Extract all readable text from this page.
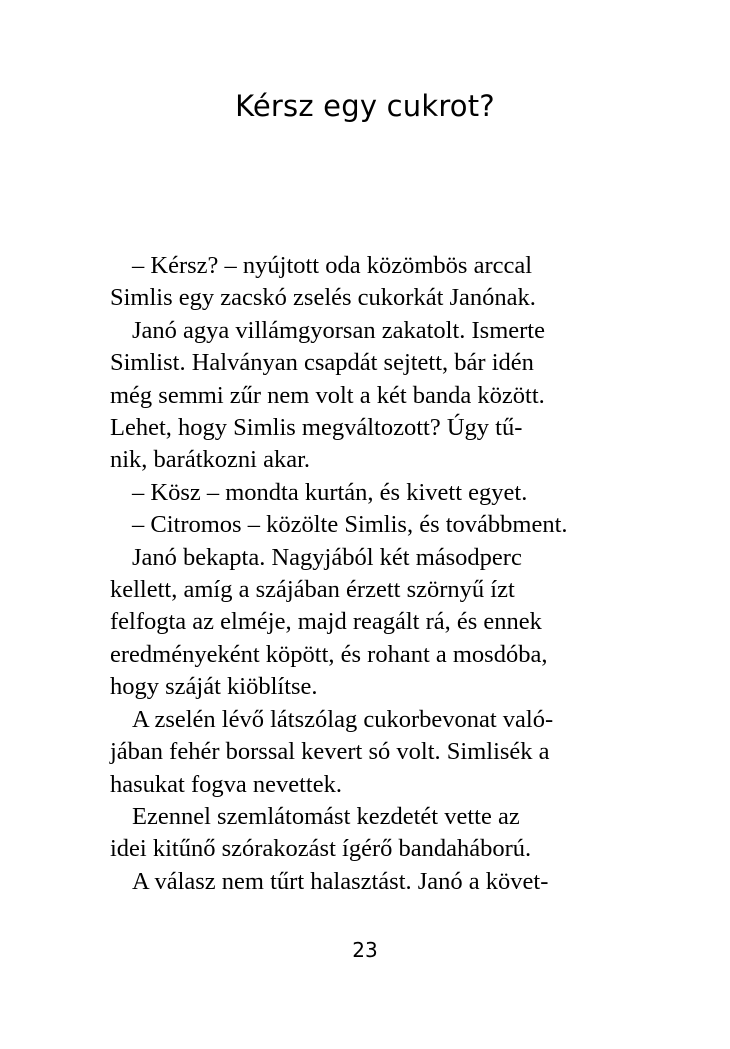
Kérsz egy cukrot?
– Kérsz? – nyújtott oda közömbös arccal
Simlis egy zacskó zselés cukorkát Janónak.
Janó agya villámgyorsan zakatolt. Ismerte
Simlist. Halványan csapdát sejtett, bár idén
még semmi zűr nem volt a két banda között.
Lehet, hogy Simlis megváltozott? Úgy tű-
nik, barátkozni akar.
– Kösz – mondta kurtán, és kivett egyet.
– Citromos – közölte Simlis, és továbbment.
Janó bekapta. Nagyjából két másodperc
kellett, amíg a szájában érzett szörnyű ízt
felfogta az elméje, majd reagált rá, és ennek
eredményeként köpött, és rohant a mosdóba,
hogy száját kiöblítse.
A zselén lévő látszólag cukorbevonat való-
jában fehér borssal kevert só volt. Simlisék a
hasukat fogva nevettek.
Ezennel szemlátomást kezdetét vette az
idei kitűnő szórakozást ígérő bandaháború.
A válasz nem tűrt halasztást. Janó a követ-
23
